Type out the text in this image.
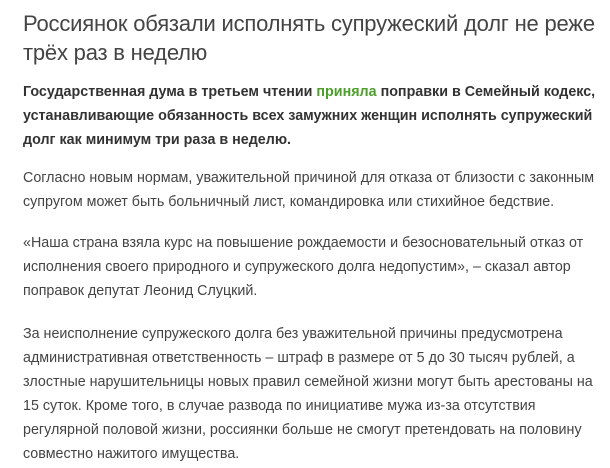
Россиянок обязали исполнять супружеский долг не реже трёх раз в неделю

Государственная дума в третьем чтении приняла поправки в Семейный кодекс, устанавливающие обязанность всех замужних женщин исполнять супружеский долг как минимум три раза в неделю.

Согласно новым нормам, уважительной причиной для отказа от близости с законным супругом может быть больничный лист, командировка или стихийное бедствие.

«Наша страна взяла курс на повышение рождаемости и безосновательный отказ от исполнения своего природного и супружеского долга недопустим», – сказал автор поправок депутат Леонид Слуцкий.

За неисполнение супружеского долга без уважительной причины предусмотрена административная ответственность – штраф в размере от 5 до 30 тысяч рублей, а злостные нарушительницы новых правил семейной жизни могут быть арестованы на 15 суток. Кроме того, в случае развода по инициативе мужа из-за отсутствия регулярной половой жизни, россиянки больше не смогут претендовать на половину совместно нажитого имущества.
